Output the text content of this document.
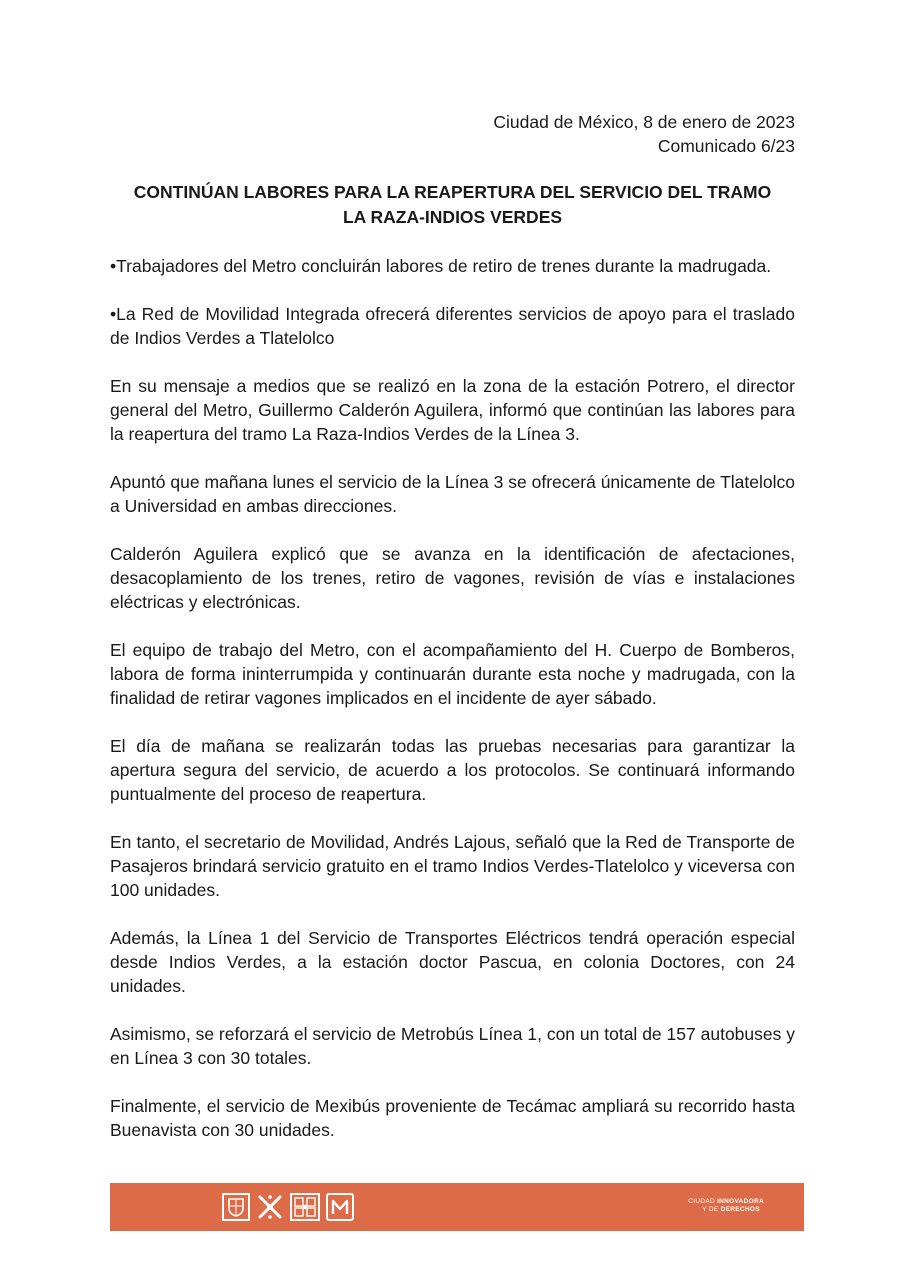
Ciudad de México, 8 de enero de 2023
Comunicado 6/23
CONTINÚAN LABORES PARA LA REAPERTURA DEL SERVICIO DEL TRAMO
LA RAZA-INDIOS VERDES

•Trabajadores del Metro concluirán labores de retiro de trenes durante la madrugada.

•La Red de Movilidad Integrada ofrecerá diferentes servicios de apoyo para el traslado de Indios Verdes a Tlatelolco

En su mensaje a medios que se realizó en la zona de la estación Potrero, el director general del Metro, Guillermo Calderón Aguilera, informó que continúan las labores para la reapertura del tramo La Raza-Indios Verdes de la Línea 3.

Apuntó que mañana lunes el servicio de la Línea 3 se ofrecerá únicamente de Tlatelolco a Universidad en ambas direcciones.

Calderón Aguilera explicó que se avanza en la identificación de afectaciones, desacoplamiento de los trenes, retiro de vagones, revisión de vías e instalaciones eléctricas y electrónicas.

El equipo de trabajo del Metro, con el acompañamiento del H. Cuerpo de Bomberos, labora de forma ininterrumpida y continuarán durante esta noche y madrugada, con la finalidad de retirar vagones implicados en el incidente de ayer sábado.

El día de mañana se realizarán todas las pruebas necesarias para garantizar la apertura segura del servicio, de acuerdo a los protocolos. Se continuará informando puntualmente del proceso de reapertura.

En tanto, el secretario de Movilidad, Andrés Lajous, señaló que la Red de Transporte de Pasajeros brindará servicio gratuito en el tramo Indios Verdes-Tlatelolco y viceversa con 100 unidades.

Además, la Línea 1 del Servicio de Transportes Eléctricos tendrá operación especial desde Indios Verdes, a la estación doctor Pascua, en colonia Doctores, con 24 unidades.

Asimismo, se reforzará el servicio de Metrobús Línea 1, con un total de 157 autobuses y en Línea 3 con 30 totales.

Finalmente, el servicio de Mexibús proveniente de Tecámac ampliará su recorrido hasta Buenavista con 30 unidades.

CIUDAD INNOVADORA
Y DE DERECHOS
